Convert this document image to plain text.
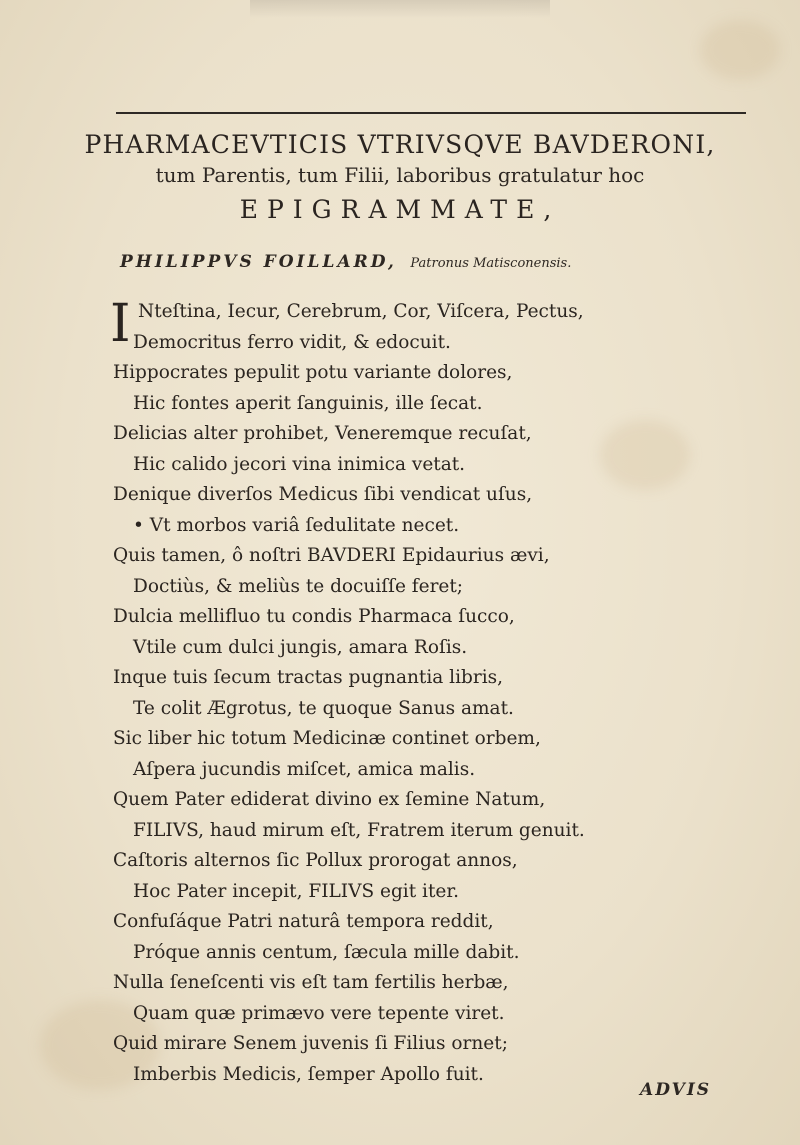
PHARMACEVTICIS VTRIVSQVE BAVDERONI,
tum Parentis, tum Filii, laboribus gratulatur hoc
EPIGRAMMATE,
PHILIPPVS FOILLARD, Patronus Matisconensis.
I Nteſtina, Iecur, Cerebrum, Cor, Viſcera, Pectus,
Democritus ferro vidit, & edocuit.
Hippocrates pepulit potu variante dolores,
Hic fontes aperit ſanguinis, ille ſecat.
Delicias alter prohibet, Veneremque recuſat,
Hic calido jecori vina inimica vetat.
Denique diverſos Medicus ſibi vendicat uſus,
• Vt morbos variâ ſedulitate necet.
Quis tamen, ô noſtri BAVDERI Epidaurius ævi,
Doctiùs, & meliùs te docuiſſe feret;
Dulcia mellifluo tu condis Pharmaca ſucco,
Vtile cum dulci jungis, amara Roſis.
Inque tuis ſecum tractas pugnantia libris,
Te colit Ægrotus, te quoque Sanus amat.
Sic liber hic totum Medicinæ continet orbem,
Aſpera jucundis miſcet, amica malis.
Quem Pater ediderat divino ex ſemine Natum,
FILIVS, haud mirum eſt, Fratrem iterum genuit.
Caſtoris alternos ſic Pollux prorogat annos,
Hoc Pater incepit, FILIVS egit iter.
Confuſáque Patri naturâ tempora reddit,
Próque annis centum, ſæcula mille dabit.
Nulla ſeneſcenti vis eſt tam fertilis herbæ,
Quam quæ primævo vere tepente viret.
Quid mirare Senem juvenis ſi Filius ornet;
Imberbis Medicis, ſemper Apollo fuit.
ADVIS
